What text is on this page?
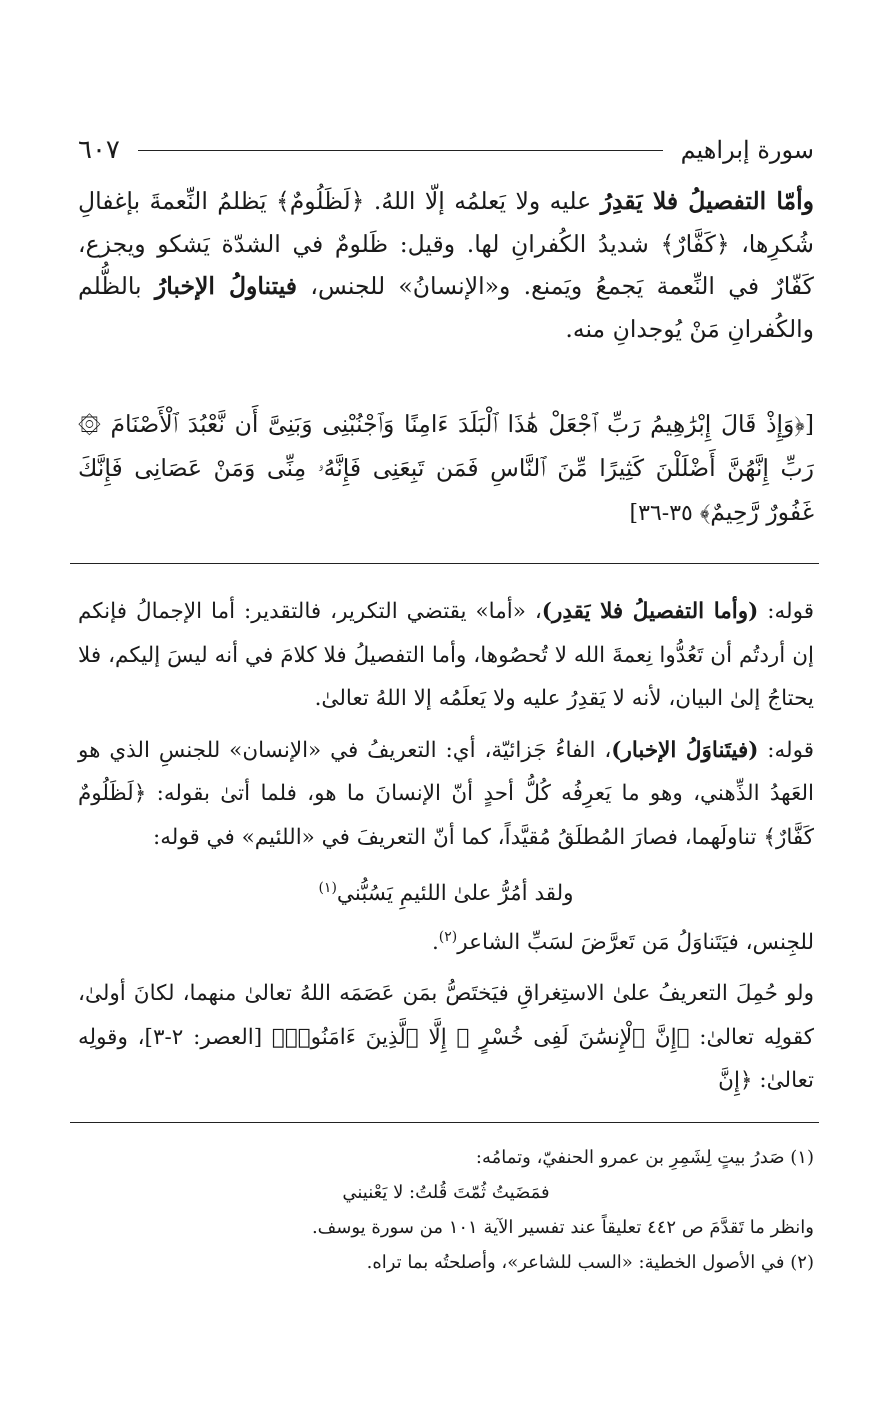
سورة إبراهيم
٦٠٧

وأمّا التفصيلُ فلا يَقدِرُ عليه ولا يَعلمُه إلّا اللهُ. ﴿لَظَلُومٌ﴾ يَظلمُ النِّعمةَ بإغفالِ شُكرِها، ﴿كَفَّارٌ﴾ شديدُ الكُفرانِ لها. وقيل: ظَلومٌ في الشدّة يَشكو ويجزع، كَفّارٌ في النِّعمة يَجمعُ ويَمنع. و«الإنسانُ» للجنس، فيتناولُ الإخبارُ بالظُّلم والكُفرانِ مَنْ يُوجدانِ منه.

[﴿وَإِذْ قَالَ إِبْرَٰهِيمُ رَبِّ ٱجْعَلْ هَٰذَا ٱلْبَلَدَ ءَامِنًا وَٱجْنُبْنِى وَبَنِىَّ أَن نَّعْبُدَ ٱلْأَصْنَامَ ۞ رَبِّ إِنَّهُنَّ أَضْلَلْنَ كَثِيرًا مِّنَ ٱلنَّاسِ فَمَن تَبِعَنِى فَإِنَّهُۥ مِنِّى وَمَنْ عَصَانِى فَإِنَّكَ غَفُورٌ رَّحِيمٌ﴾ ٣٥-٣٦]

قوله: (وأما التفصيلُ فلا يَقدِر)، «أما» يقتضي التكرير، فالتقدير: أما الإجمالُ فإنكم إن أردتُم أن تَعُدُّوا نِعمةَ الله لا تُحصُوها، وأما التفصيلُ فلا كلامَ في أنه ليسَ إليكم، فلا يحتاجُ إلىٰ البيان، لأنه لا يَقدِرُ عليه ولا يَعلَمُه إلا اللهُ تعالىٰ.

قوله: (فيتَناوَلُ الإخبار)، الفاءُ جَزائيّة، أي: التعريفُ في «الإنسان» للجنسِ الذي هو العَهدُ الذِّهني، وهو ما يَعرِفُه كُلُّ أحدٍ أنّ الإنسانَ ما هو، فلما أتىٰ بقوله: ﴿لَظَلُومٌ كَفَّارٌ﴾ تناولَهما، فصارَ المُطلَقُ مُقيَّداً، كما أنّ التعريفَ في «اللئيم» في قوله:

ولقد أمُرُّ علىٰ اللئيمِ يَسُبُّني$^{(١)}$

للجِنس، فيَتَناوَلُ مَن تَعرَّضَ لسَبِّ الشاعر$^{(٢)}$.

ولو حُمِلَ التعريفُ علىٰ الاستِغراقِ فيَختَصُّ بمَن عَصَمَه اللهُ تعالىٰ منهما، لكانَ أولىٰ، كقولِه تعالىٰ: ﴿إِنَّ ٱلْإِنسَٰنَ لَفِى خُسْرٍ ۞ إِلَّا ٱلَّذِينَ ءَامَنُوا۟﴾ [العصر: ٢-٣]، وقولِه تعالىٰ: ﴿إِنَّ

(١) صَدرُ بيتٍ لِشَمِرِ بن عمرو الحنفيّ، وتمامُه:

فمَضَيتُ ثُمّتَ قُلتُ: لا يَعْنيني

وانظر ما تَقدَّمَ ص ٤٤٢ تعليقاً عند تفسير الآية ١٠١ من سورة يوسف.

(٢) في الأصول الخطية: «السب للشاعر»، وأصلحتُه بما تراه.
